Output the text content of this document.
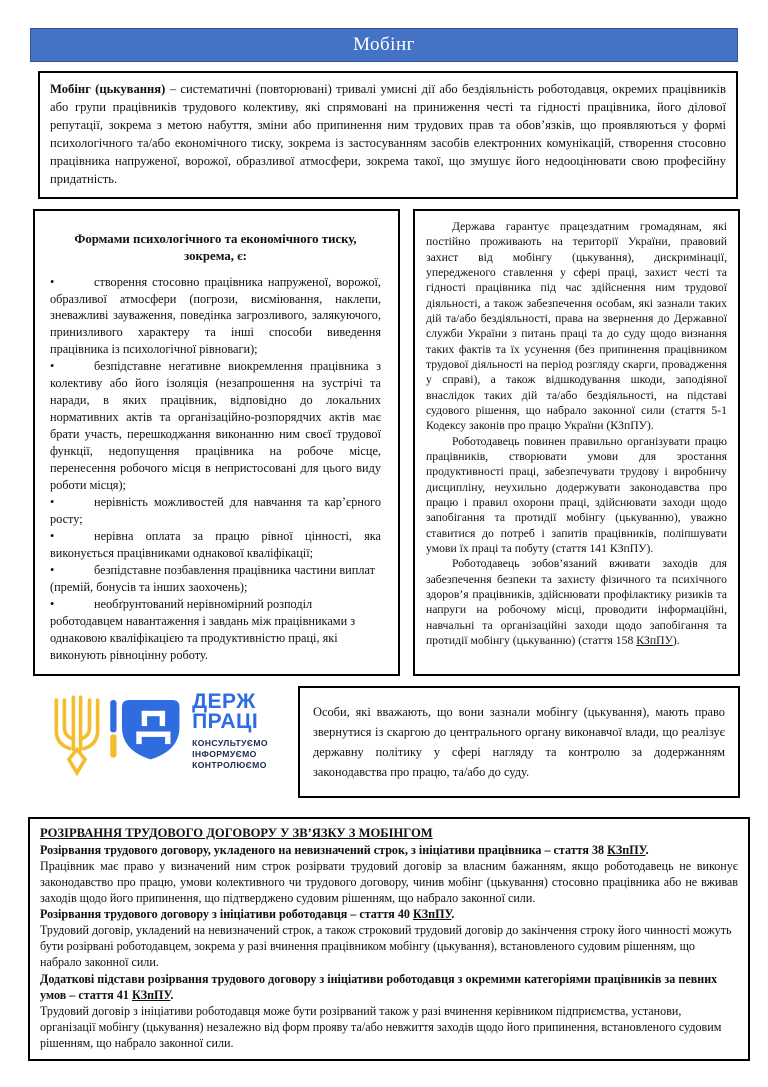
Мобінг
Мобінг (цькування) – систематичні (повторювані) тривалі умисні дії або бездіяльність роботодавця, окремих працівників або групи працівників трудового колективу, які спрямовані на приниження честі та гідності працівника, його ділової репутації, зокрема з метою набуття, зміни або припинення ним трудових прав та обов’язків, що проявляються у формі психологічного та/або економічного тиску, зокрема із застосуванням засобів електронних комунікацій, створення стосовно працівника напруженої, ворожої, образливої атмосфери, зокрема такої, що змушує його недооцінювати свою професійну придатність.
Формами психологічного та економічного тиску, зокрема, є:

•	створення стосовно працівника напруженої, ворожої, образливої атмосфери (погрози, висміювання, наклепи, зневажливі зауваження, поведінка загрозливого, залякуючого, принизливого характеру та інші способи виведення працівника із психологічної рівноваги);

•	безпідставне негативне виокремлення працівника з колективу або його ізоляція (незапрошення на зустрічі та наради, в яких працівник, відповідно до локальних нормативних актів та організаційно-розпорядчих актів має брати участь, перешкоджання виконанню ним своєї трудової функції, недопущення працівника на робоче місце, перенесення робочого місця в непристосовані для цього виду роботи місця);

•	нерівність можливостей для навчання та кар’єрного росту;

•	нерівна оплата за працю рівної цінності, яка виконується працівниками однакової кваліфікації;

•	безпідставне позбавлення працівника частини виплат (премій, бонусів та інших заохочень);

•	необґрунтований нерівномірний розподіл роботодавцем навантаження і завдань між працівниками з однаковою кваліфікацією та продуктивністю праці, які виконують рівноцінну роботу.

Держава гарантує працездатним громадянам, які постійно проживають на території України, правовий захист від мобінгу (цькування), дискримінації, упередженого ставлення у сфері праці, захист честі та гідності працівника під час здійснення ним трудової діяльності, а також забезпечення особам, які зазнали таких дій та/або бездіяльності, права на звернення до Державної служби України з питань праці та до суду щодо визнання таких фактів та їх усунення (без припинення працівником трудової діяльності на період розгляду скарги, провадження у справі), а також відшкодування шкоди, заподіяної внаслідок таких дій та/або бездіяльності, на підставі судового рішення, що набрало законної сили (стаття 5-1 Кодексу законів про працю України (КЗпПУ).

Роботодавець повинен правильно організувати працю працівників, створювати умови для зростання продуктивності праці, забезпечувати трудову і виробничу дисципліну, неухильно додержувати законодавства про працю і правил охорони праці, здійснювати заходи щодо запобігання та протидії мобінгу (цькуванню), уважно ставитися до потреб і запитів працівників, поліпшувати умови їх праці та побуту (стаття 141 КЗпПУ).

Роботодавець зобов’язаний вживати заходів для забезпечення безпеки та захисту фізичного та психічного здоров’я працівників, здійснювати профілактику ризиків та напруги на робочому місці, проводити інформаційні, навчальні та організаційні заходи щодо запобігання та протидії мобінгу (цькуванню) (стаття 158 КЗпПУ).

ДЕРЖ
ПРАЦІ
КОНСУЛЬТУЄМО
ІНФОРМУЄМО
КОНТРОЛЮЄМО
Особи, які вважають, що вони зазнали мобінгу (цькування), мають право звернутися із скаргою до центрального органу виконавчої влади, що реалізує державну політику у сфері нагляду та контролю за додержанням законодавства про працю, та/або до суду.
РОЗІРВАННЯ ТРУДОВОГО ДОГОВОРУ У ЗВ’ЯЗКУ З МОБІНГОМ
Розірвання трудового договору, укладеного на невизначений строк, з ініціативи працівника – стаття 38 КЗпПУ.
Працівник має право у визначений ним строк розірвати трудовий договір за власним бажанням, якщо роботодавець не виконує законодавство про працю, умови колективного чи трудового договору, чинив мобінг (цькування) стосовно працівника або не вживав заходів щодо його припинення, що підтверджено судовим рішенням, що набрало законної сили.
Розірвання трудового договору з ініціативи роботодавця – стаття 40 КЗпПУ.
Трудовий договір, укладений на невизначений строк, а також строковий трудовий договір до закінчення строку його чинності можуть бути розірвані роботодавцем, зокрема у разі вчинення працівником мобінгу (цькування), встановленого судовим рішенням, що набрало законної сили.
Додаткові підстави розірвання трудового договору з ініціативи роботодавця з окремими категоріями працівників за певних умов – стаття 41 КЗпПУ.
Трудовий договір з ініціативи роботодавця може бути розірваний також у разі вчинення керівником підприємства, установи, організації мобінгу (цькування) незалежно від форм прояву та/або невжиття заходів щодо його припинення, встановленого судовим рішенням, що набрало законної сили.
